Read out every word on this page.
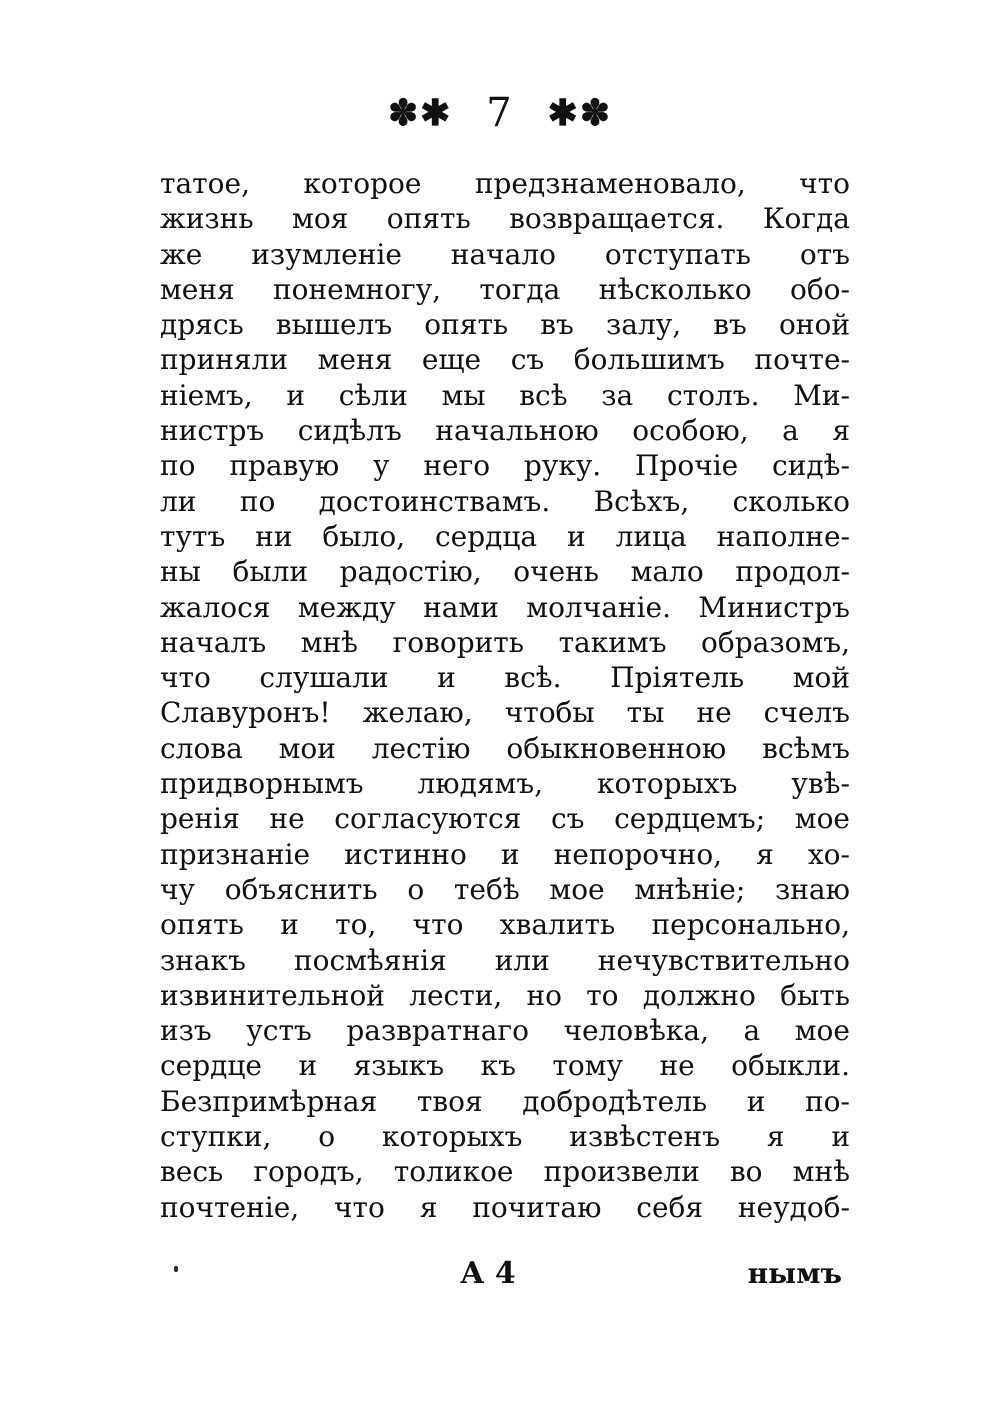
✽✱ 7 ✱✽
татое, которое предзнаменовало, что
жизнь моя опять возвращается. Когда
же изумленіе начало отступать отъ
меня понемногу, тогда нѣсколько обо-
дрясь вышелъ опять въ залу, въ оной
приняли меня еще съ большимъ почте-
ніемъ, и сѣли мы всѣ за столъ. Ми-
нистръ сидѣлъ начальною особою, а я
по правую у него руку. Прочіе сидѣ-
ли по достоинствамъ. Всѣхъ, сколько
тутъ ни было, сердца и лица наполне-
ны были радостію, очень мало продол-
жалося между нами молчаніе. Министръ
началъ мнѣ говорить такимъ образомъ,
что слушали и всѣ. Пріятель мой
Славуронъ! желаю, чтобы ты не счелъ
слова мои лестію обыкновенною всѣмъ
придворнымъ людямъ, которыхъ увѣ-
ренія не согласуются съ сердцемъ; мое
признаніе истинно и непорочно, я хо-
чу объяснить о тебѣ мое мнѣніе; знаю
опять и то, что хвалить персонально,
знакъ посмѣянія или нечувствительно
извинительной лести, но то должно быть
изъ устъ развратнаго человѣка, а мое
сердце и языкъ къ тому не обыкли.
Безпримѣрная твоя добродѣтель и по-
ступки, о которыхъ извѣстенъ я и
весь городъ, толикое произвели во мнѣ
почтеніе, что я почитаю себя неудоб-
А 4	нымъ
